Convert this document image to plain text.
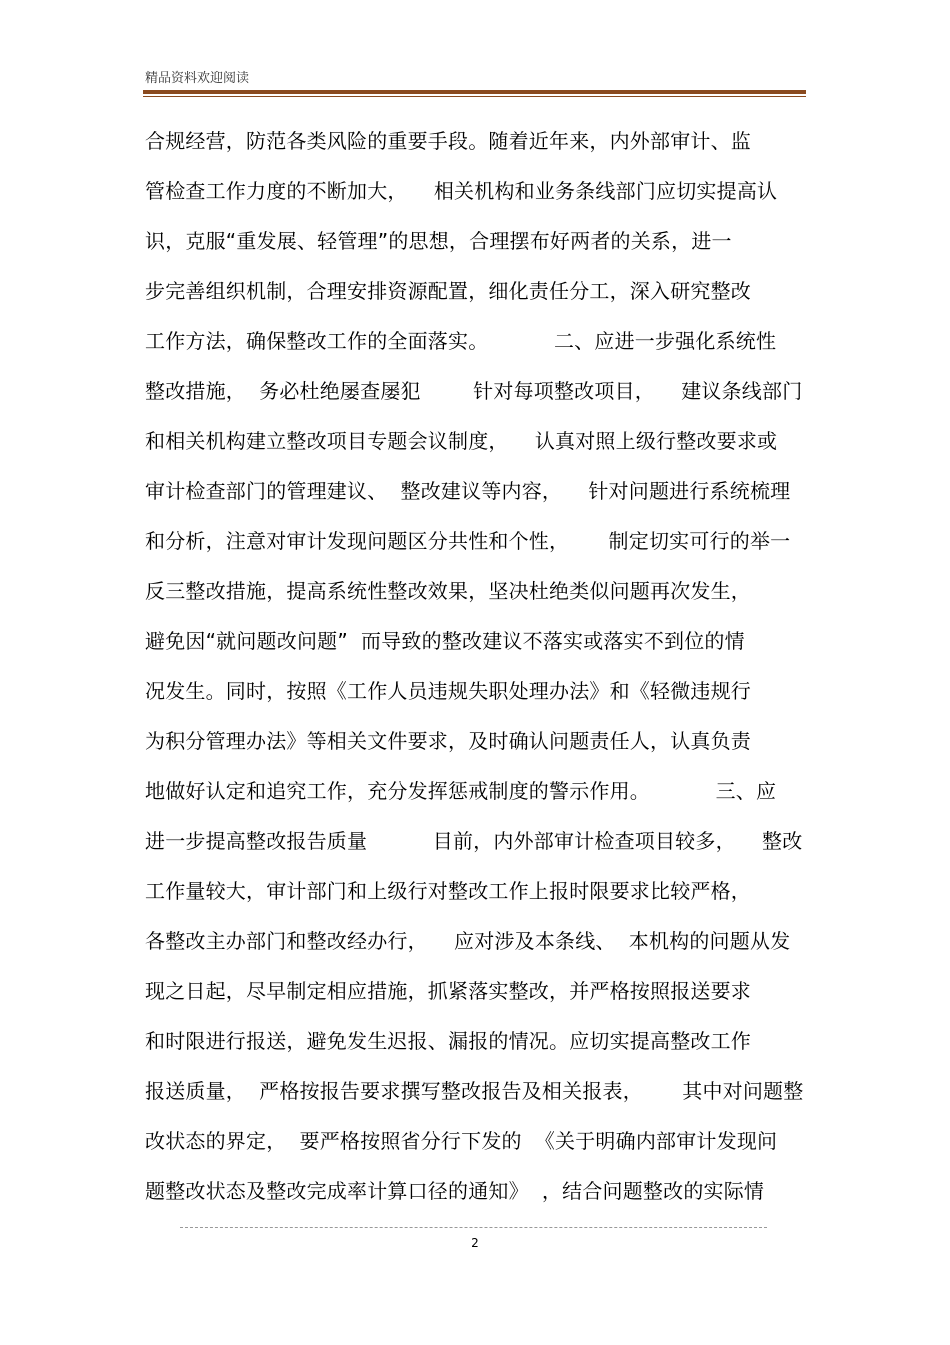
精品资料欢迎阅读
合规经营，防范各类风险的重要手段。随着近年来，内外部审计、监
管检查工作力度的不断加大，    相关机构和业务条线部门应切实提高认
识，克服“重发展、轻管理”的思想，合理摆布好两者的关系，进一
步完善组织机制，合理安排资源配置，细化责任分工，深入研究整改
工作方法，确保整改工作的全面落实。          二、应进一步强化系统性
整改措施，  务必杜绝屡查屡犯        针对每项整改项目，    建议条线部门
和相关机构建立整改项目专题会议制度，    认真对照上级行整改要求或
审计检查部门的管理建议、  整改建议等内容，    针对问题进行系统梳理
和分析，注意对审计发现问题区分共性和个性，      制定切实可行的举一
反三整改措施，提高系统性整改效果，坚决杜绝类似问题再次发生，
避免因“就问题改问题”  而导致的整改建议不落实或落实不到位的情
况发生。同时，按照《工作人员违规失职处理办法》和《轻微违规行
为积分管理办法》等相关文件要求，及时确认问题责任人，认真负责
地做好认定和追究工作，充分发挥惩戒制度的警示作用。          三、应
进一步提高整改报告质量          目前，内外部审计检查项目较多，    整改
工作量较大，审计部门和上级行对整改工作上报时限要求比较严格，
各整改主办部门和整改经办行，    应对涉及本条线、  本机构的问题从发
现之日起，尽早制定相应措施，抓紧落实整改，并严格按照报送要求
和时限进行报送，避免发生迟报、漏报的情况。应切实提高整改工作
报送质量，  严格按报告要求撰写整改报告及相关报表，      其中对问题整
改状态的界定，  要严格按照省分行下发的  《关于明确内部审计发现问
题整改状态及整改完成率计算口径的通知》  ，结合问题整改的实际情
2
